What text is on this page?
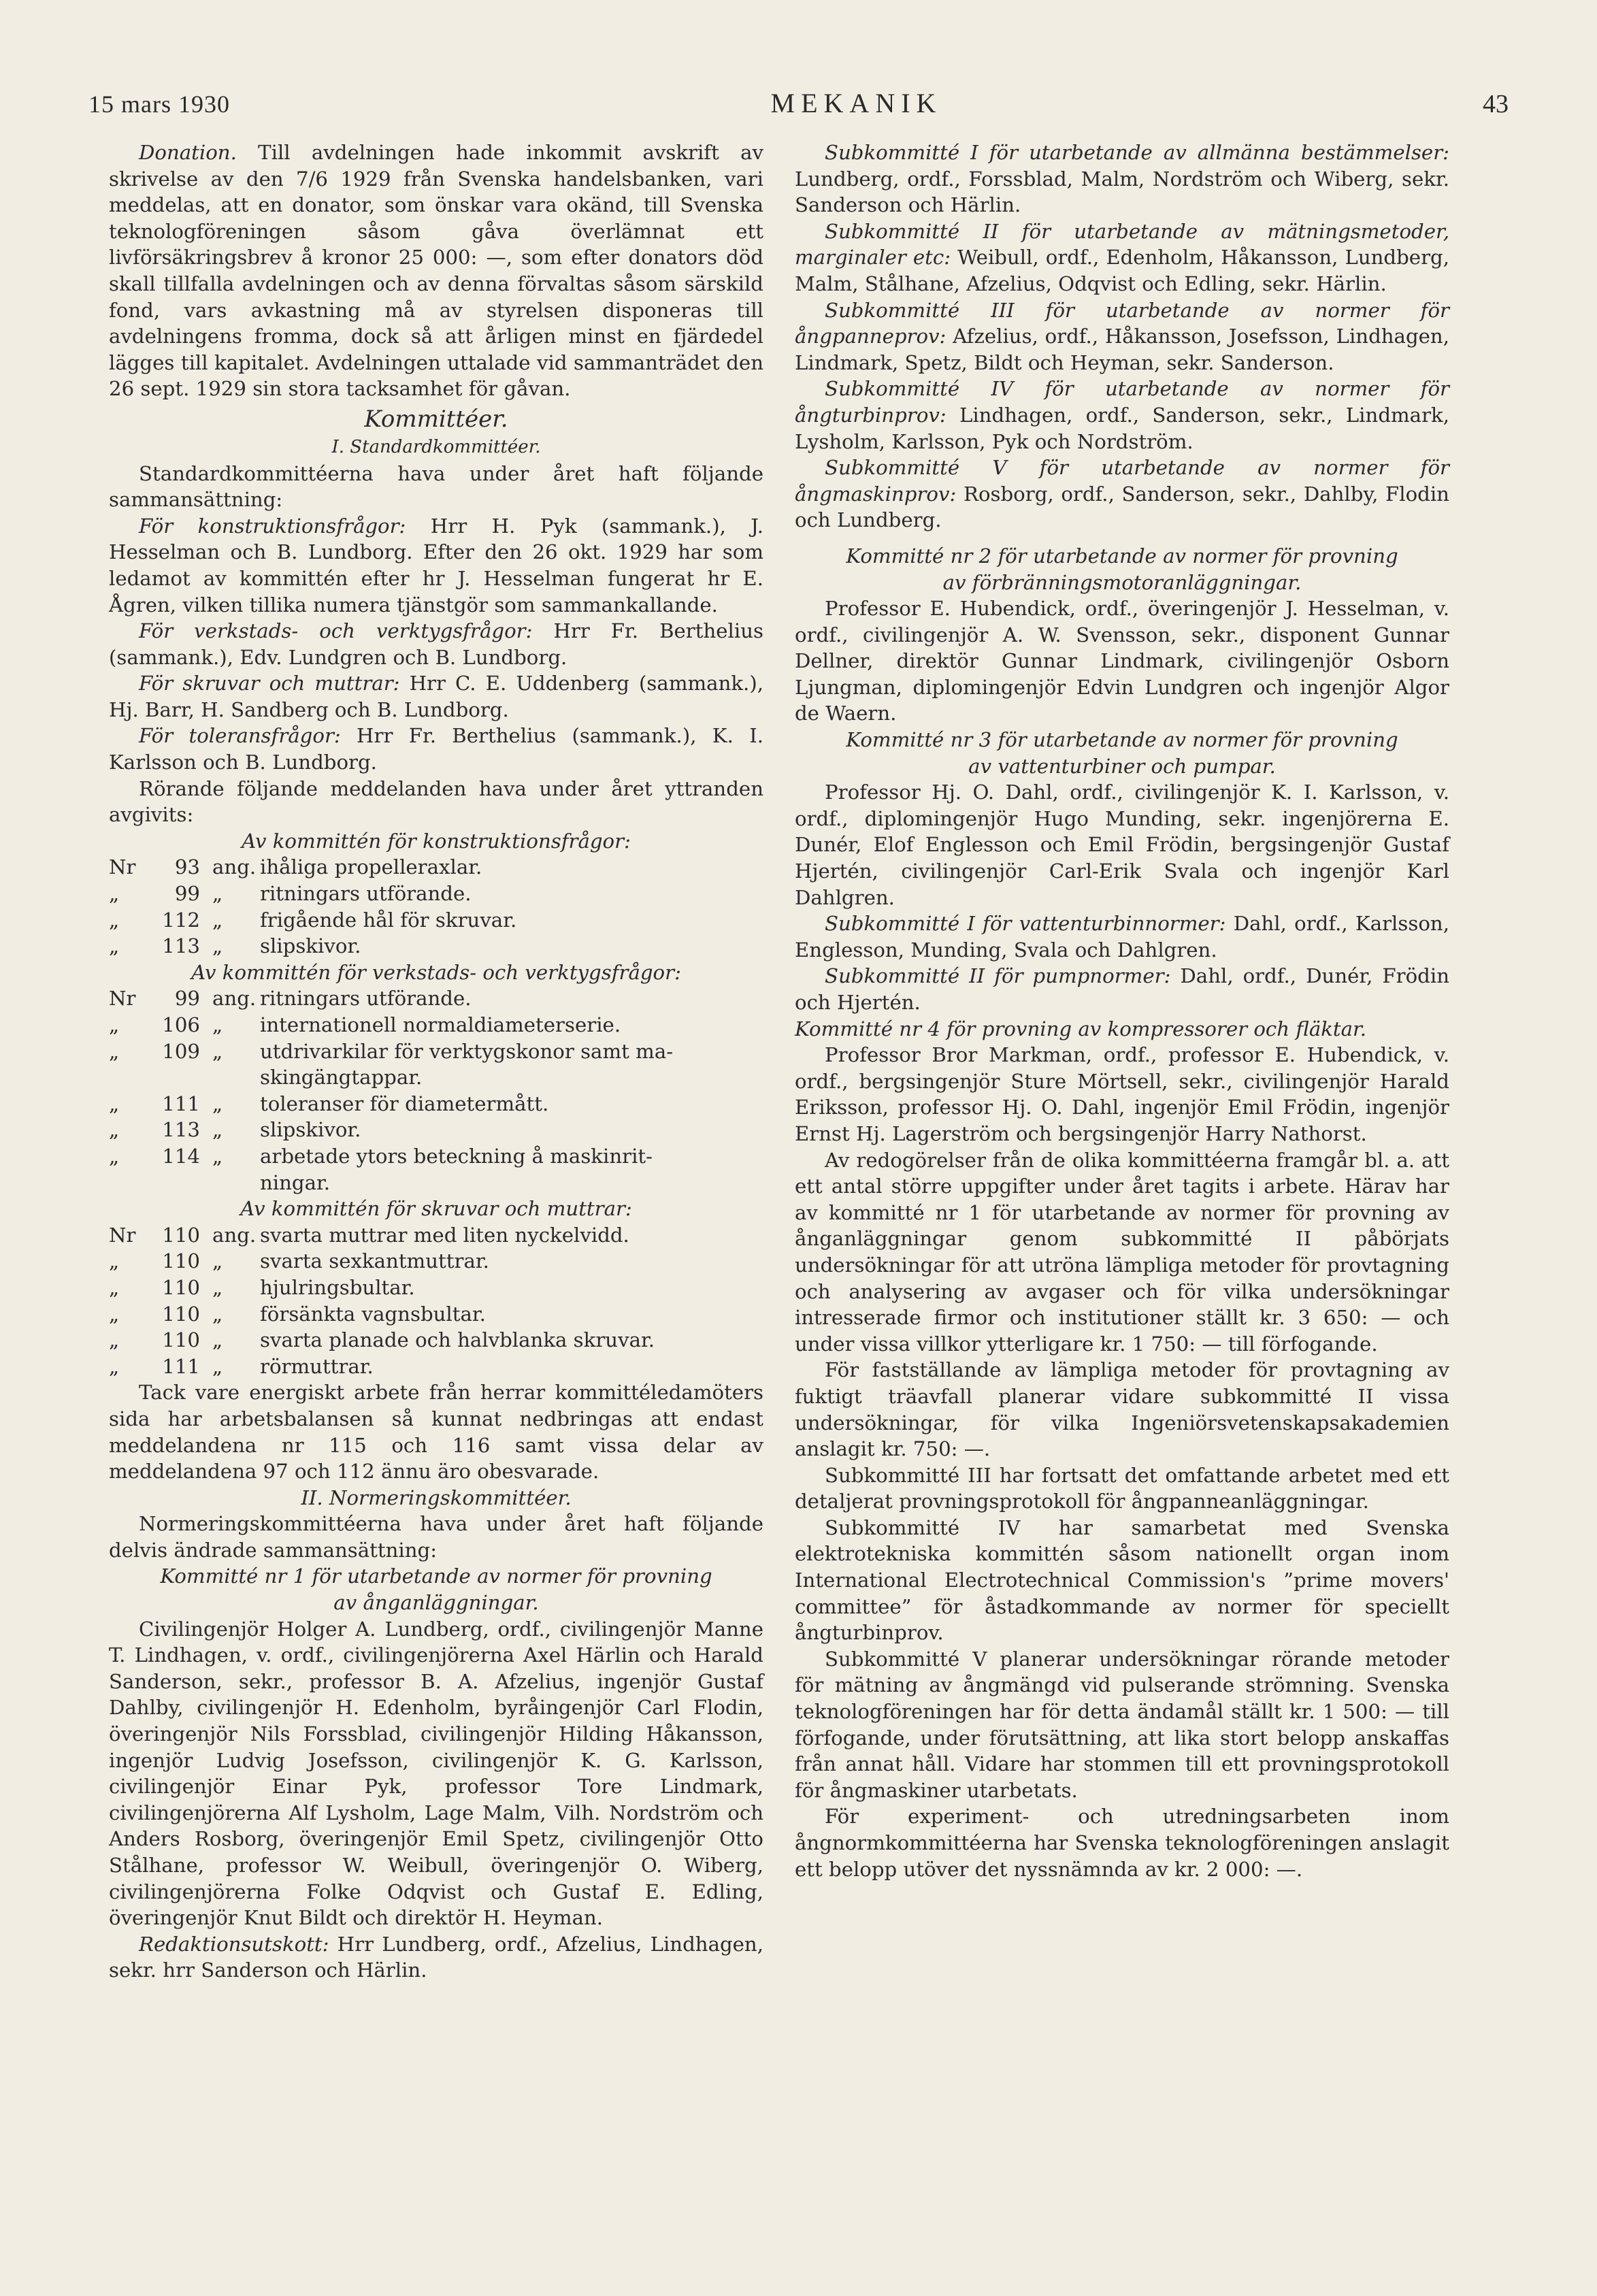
15 mars 1930	MEKANIK	43

Donation. Till avdelningen hade inkommit avskrift av skrivelse av den 7/6 1929 från Svenska handelsbanken, vari meddelas, att en donator, som önskar vara okänd, till Svenska teknologföreningen såsom gåva överlämnat ett livförsäkringsbrev å kronor 25 000: —, som efter donators död skall tillfalla avdelningen och av denna förvaltas såsom särskild fond, vars avkastning må av styrelsen disponeras till avdelningens fromma, dock så att årligen minst en fjärdedel lägges till kapitalet. Avdelningen uttalade vid sammanträdet den 26 sept. 1929 sin stora tacksamhet för gåvan.

Kommittéer.

I. Standardkommittéer.

Standardkommittéerna hava under året haft följande sammansättning:

För konstruktionsfrågor: Hrr H. Pyk (sammank.), J. Hesselman och B. Lundborg. Efter den 26 okt. 1929 har som ledamot av kommittén efter hr J. Hesselman fungerat hr E. Ågren, vilken tillika numera tjänstgör som sammankallande.

För verkstads- och verktygsfrågor: Hrr Fr. Berthelius (sammank.), Edv. Lundgren och B. Lundborg.

För skruvar och muttrar: Hrr C. E. Uddenberg (sammank.), Hj. Barr, H. Sandberg och B. Lundborg.

För toleransfrågor: Hrr Fr. Berthelius (sammank.), K. I. Karlsson och B. Lundborg.

Rörande följande meddelanden hava under året yttranden avgivits:

Av kommittén för konstruktionsfrågor:

Nr	93 ang. ihåliga propelleraxlar.
„	99 „	ritningars utförande.
„	112 „	frigående hål för skruvar.
„	113 „	slipskivor.

Av kommittén för verkstads- och verktygsfrågor:

Nr	99 ang. ritningars utförande.
„	106 „	internationell normaldiameterserie.
„	109 „	utdrivarkilar för verktygskonor samt ma-
skingängtappar.
„	111 „	toleranser för diametermått.
„	113 „	slipskivor.
„	114 „	arbetade ytors beteckning å maskinrit-
ningar.

Av kommittén för skruvar och muttrar:

Nr	110 ang. svarta muttrar med liten nyckelvidd.
„	110 „	svarta sexkantmuttrar.
„	110 „	hjulringsbultar.
„	110 „	försänkta vagnsbultar.
„	110 „	svarta planade och halvblanka skruvar.
„	111 „	rörmuttrar.

Tack vare energiskt arbete från herrar kommittéledamöters sida har arbetsbalansen så kunnat nedbringas att endast meddelandena nr 115 och 116 samt vissa delar av meddelandena 97 och 112 ännu äro obesvarade.

II. Normeringskommittéer.

Normeringskommittéerna hava under året haft följande delvis ändrade sammansättning:

Kommitté nr 1 för utarbetande av normer för provning

av ånganläggningar.

Civilingenjör Holger A. Lundberg, ordf., civilingenjör Manne T. Lindhagen, v. ordf., civilingenjörerna Axel Härlin och Harald Sanderson, sekr., professor B. A. Afzelius, ingenjör Gustaf Dahlby, civilingenjör H. Edenholm, byråingenjör Carl Flodin, överingenjör Nils Forssblad, civilingenjör Hilding Håkansson, ingenjör Ludvig Josefsson, civilingenjör K. G. Karlsson, civilingenjör Einar Pyk, professor Tore Lindmark, civilingenjörerna Alf Lysholm, Lage Malm, Vilh. Nordström och Anders Rosborg, överingenjör Emil Spetz, civilingenjör Otto Stålhane, professor W. Weibull, överingenjör O. Wiberg, civilingenjörerna Folke Odqvist och Gustaf E. Edling, överingenjör Knut Bildt och direktör H. Heyman.

Redaktionsutskott: Hrr Lundberg, ordf., Afzelius, Lindhagen, sekr. hrr Sanderson och Härlin.

Subkommitté I för utarbetande av allmänna bestämmelser: Lundberg, ordf., Forssblad, Malm, Nordström och Wiberg, sekr. Sanderson och Härlin.

Subkommitté II för utarbetande av mätningsmetoder, marginaler etc: Weibull, ordf., Edenholm, Håkansson, Lundberg, Malm, Stålhane, Afzelius, Odqvist och Edling, sekr. Härlin.

Subkommitté III för utarbetande av normer för ångpanneprov: Afzelius, ordf., Håkansson, Josefsson, Lindhagen, Lindmark, Spetz, Bildt och Heyman, sekr. Sanderson.

Subkommitté IV för utarbetande av normer för ångturbinprov: Lindhagen, ordf., Sanderson, sekr., Lindmark, Lysholm, Karlsson, Pyk och Nordström.

Subkommitté V för utarbetande av normer för ångmaskinprov: Rosborg, ordf., Sanderson, sekr., Dahlby, Flodin och Lundberg.

Kommitté nr 2 för utarbetande av normer för provning

av förbränningsmotoranläggningar.

Professor E. Hubendick, ordf., överingenjör J. Hesselman, v. ordf., civilingenjör A. W. Svensson, sekr., disponent Gunnar Dellner, direktör Gunnar Lindmark, civilingenjör Osborn Ljungman, diplomingenjör Edvin Lundgren och ingenjör Algor de Waern.

Kommitté nr 3 för utarbetande av normer för provning

av vattenturbiner och pumpar.

Professor Hj. O. Dahl, ordf., civilingenjör K. I. Karlsson, v. ordf., diplomingenjör Hugo Munding, sekr. ingenjörerna E. Dunér, Elof Englesson och Emil Frödin, bergsingenjör Gustaf Hjertén, civilingenjör Carl-Erik Svala och ingenjör Karl Dahlgren.

Subkommitté I för vattenturbinnormer: Dahl, ordf., Karlsson, Englesson, Munding, Svala och Dahlgren.

Subkommitté II för pumpnormer: Dahl, ordf., Dunér, Frödin och Hjertén.

Kommitté nr 4 för provning av kompressorer och fläktar.

Professor Bror Markman, ordf., professor E. Hubendick, v. ordf., bergsingenjör Sture Mörtsell, sekr., civilingenjör Harald Eriksson, professor Hj. O. Dahl, ingenjör Emil Frödin, ingenjör Ernst Hj. Lagerström och bergsingenjör Harry Nathorst.

Av redogörelser från de olika kommittéerna framgår bl. a. att ett antal större uppgifter under året tagits i arbete. Härav har av kommitté nr 1 för utarbetande av normer för provning av ånganläggningar genom subkommitté II påbörjats undersökningar för att utröna lämpliga metoder för provtagning och analysering av avgaser och för vilka undersökningar intresserade firmor och institutioner ställt kr. 3 650: — och under vissa villkor ytterligare kr. 1 750: — till förfogande.

För fastställande av lämpliga metoder för provtagning av fuktigt träavfall planerar vidare subkommitté II vissa undersökningar, för vilka Ingeniörsvetenskapsakademien anslagit kr. 750: —.

Subkommitté III har fortsatt det omfattande arbetet med ett detaljerat provningsprotokoll för ångpanneanläggningar.

Subkommitté IV har samarbetat med Svenska elektrotekniska kommittén såsom nationellt organ inom International Electrotechnical Commission's ”prime movers' committee” för åstadkommande av normer för speciellt ångturbinprov.

Subkommitté V planerar undersökningar rörande metoder för mätning av ångmängd vid pulserande strömning. Svenska teknologföreningen har för detta ändamål ställt kr. 1 500: — till förfogande, under förutsättning, att lika stort belopp anskaffas från annat håll. Vidare har stommen till ett provningsprotokoll för ångmaskiner utarbetats.

För experiment- och utredningsarbeten inom ångnormkommittéerna har Svenska teknologföreningen anslagit ett belopp utöver det nyssnämnda av kr. 2 000: —.
